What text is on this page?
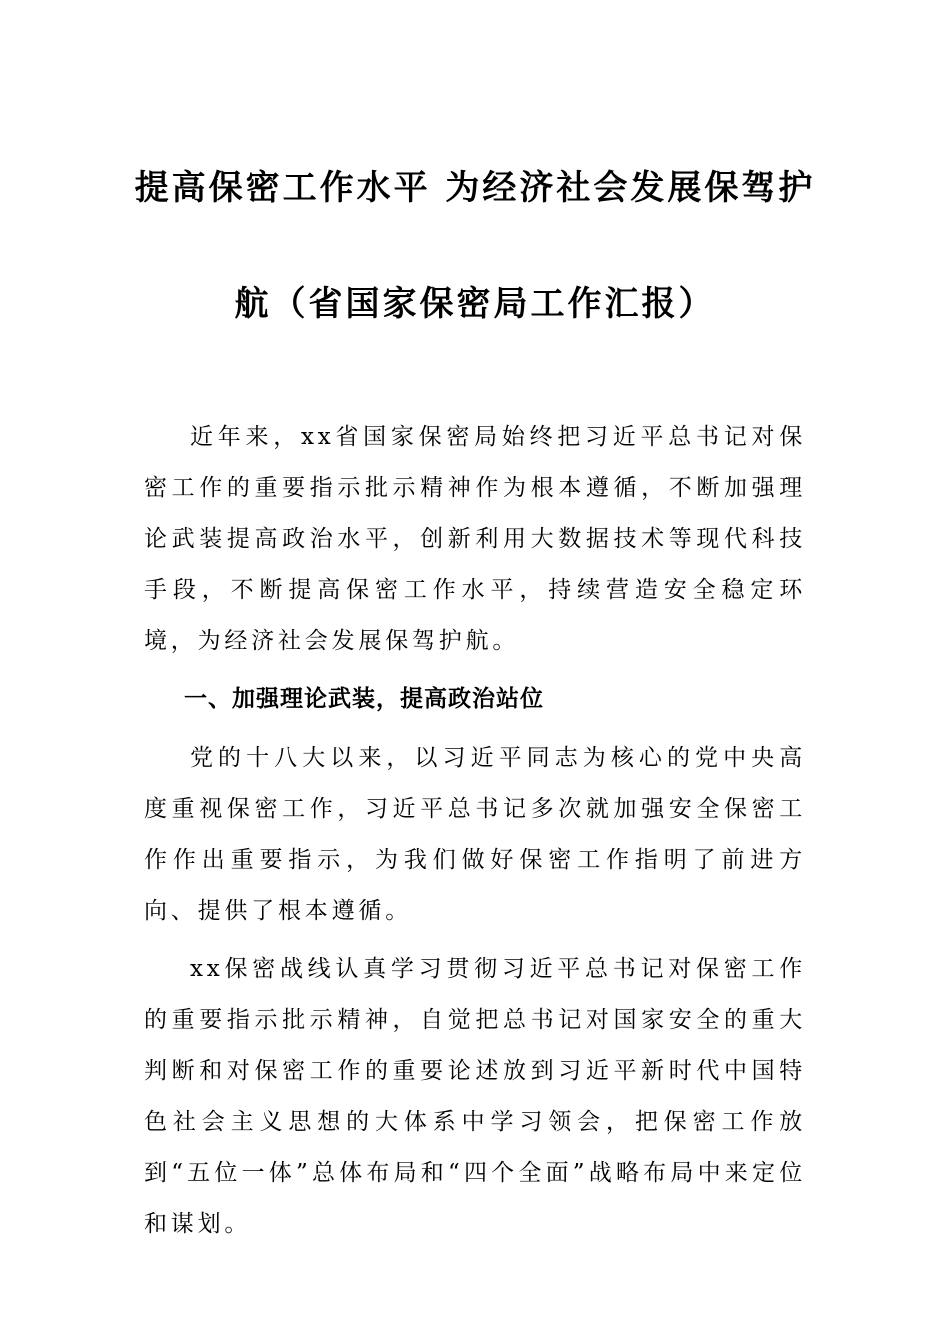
提高保密工作水平 为经济社会发展保驾护
航（省国家保密局工作汇报）

近年来，xx省国家保密局始终把习近平总书记对保密工作的重要指示批示精神作为根本遵循，不断加强理论武装提高政治水平，创新利用大数据技术等现代科技手段，不断提高保密工作水平，持续营造安全稳定环境，为经济社会发展保驾护航。

一、加强理论武装，提高政治站位

党的十八大以来，以习近平同志为核心的党中央高度重视保密工作，习近平总书记多次就加强安全保密工作作出重要指示，为我们做好保密工作指明了前进方向、提供了根本遵循。

xx保密战线认真学习贯彻习近平总书记对保密工作的重要指示批示精神，自觉把总书记对国家安全的重大判断和对保密工作的重要论述放到习近平新时代中国特色社会主义思想的大体系中学习领会，把保密工作放到“五位一体”总体布局和“四个全面”战略布局中来定位和谋划。
